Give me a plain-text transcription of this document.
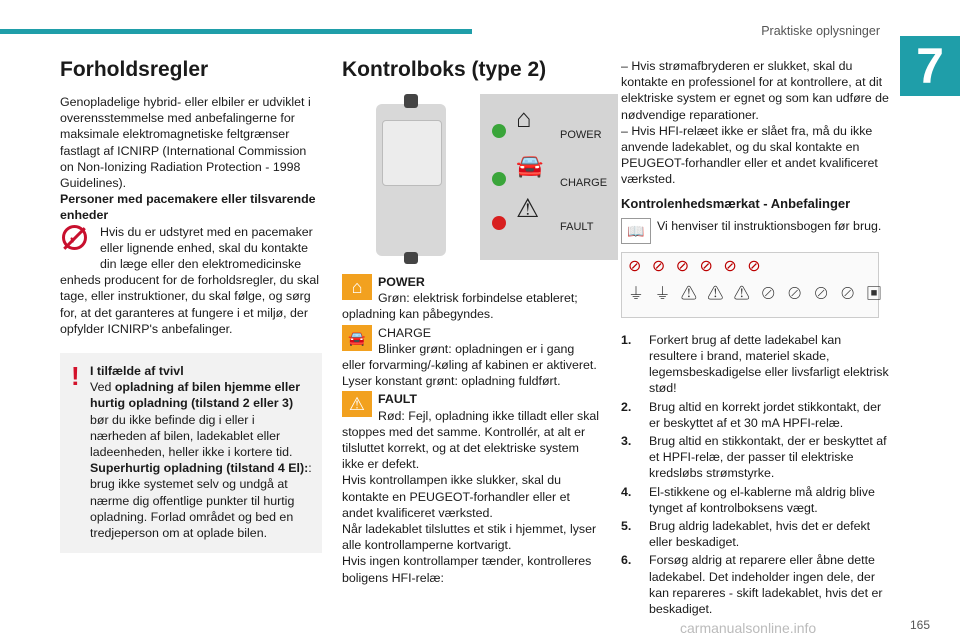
Praktiske oplysninger
7
Forholdsregler

Genopladelige hybrid- eller elbiler er udviklet i overensstemmelse med anbefalingerne for maksimale elektromagnetiske feltgrænser fastlagt af ICNIRP (International Commission on Non-Ionizing Radiation Protection - 1998 Guidelines).

Personer med pacemakere eller tilsvarende enheder

Hvis du er udstyret med en pacemaker eller lignende enhed, skal du kontakte din læge eller den elektromedicinske enheds producent for de forholdsregler, du skal tage, eller instruktioner, du skal følge, og sørg for, at det garanteres at fungere i et miljø, der opfylder ICNIRP's anbefalinger.
! I tilfælde af tvivl
Ved opladning af bilen hjemme eller hurtig opladning (tilstand 2 eller 3) bør du ikke befinde dig i eller i nærheden af bilen, ladekablet eller ladeenheden, heller ikke i kortere tid.
Superhurtig opladning (tilstand 4 El):: brug ikke systemet selv og undgå at nærme dig offentlige punkter til hurtig opladning. Forlad området og bed en tredjeperson om at oplade bilen.
Kontrolboks (type 2)
⌂
POWER
🚘
CHARGE
⚠
FAULT
⌂	POWER
Grøn: elektrisk forbindelse etableret; opladning kan påbegyndes.
🚘 CHARGE
Blinker grønt: opladningen er i gang eller forvarming/-køling af kabinen er aktiveret.
Lyser konstant grønt: opladning fuldført.
⚠	FAULT
Rød: Fejl, opladning ikke tilladt eller skal stoppes med det samme. Kontrollér, at alt er tilsluttet korrekt, og at det elektriske system ikke er defekt.
Hvis kontrollampen ikke slukker, skal du kontakte en PEUGEOT-forhandler eller et andet kvalificeret værksted.
Når ladekablet tilsluttes et stik i hjemmet, lyser alle kontrollamperne kortvarigt.
Hvis ingen kontrollamper tænder, kontrolleres boligens HFI-relæ:

– Hvis strømafbryderen er slukket, skal du kontakte en professionel for at kontrollere, at dit elektriske system er egnet og som kan udføre de nødvendige reparationer.

– Hvis HFI-relæet ikke er slået fra, må du ikke anvende ladekablet, og du skal kontakte en PEUGEOT-forhandler eller et andet kvalificeret værksted.

Kontrolenhedsmærkat - Anbefalinger
📖 Vi henviser til instruktionsbogen før brug.
⊘ ⊘ ⊘ ⊘ ⊘ ⊘
⏚ ⏚ ⚠ ⚠ ⚠ ⊘ ⊘ ⊘ ⊘ ▣
1. Forkert brug af dette ladekabel kan resultere i brand, materiel skade, legemsbeskadigelse eller livsfarligt elektrisk stød!
2. Brug altid en korrekt jordet stikkontakt, der er beskyttet af et 30 mA HPFI-relæ.
3. Brug altid en stikkontakt, der er beskyttet af et HPFI-relæ, der passer til elektriske kredsløbs strømstyrke.
4. El-stikkene og el-kablerne må aldrig blive tynget af kontrolboksens vægt.
5. Brug aldrig ladekablet, hvis det er defekt eller beskadiget.
6. Forsøg aldrig at reparere eller åbne dette ladekabel. Det indeholder ingen dele, der kan repareres - skift ladekablet, hvis det er beskadiget.
165
carmanualsonline.info
